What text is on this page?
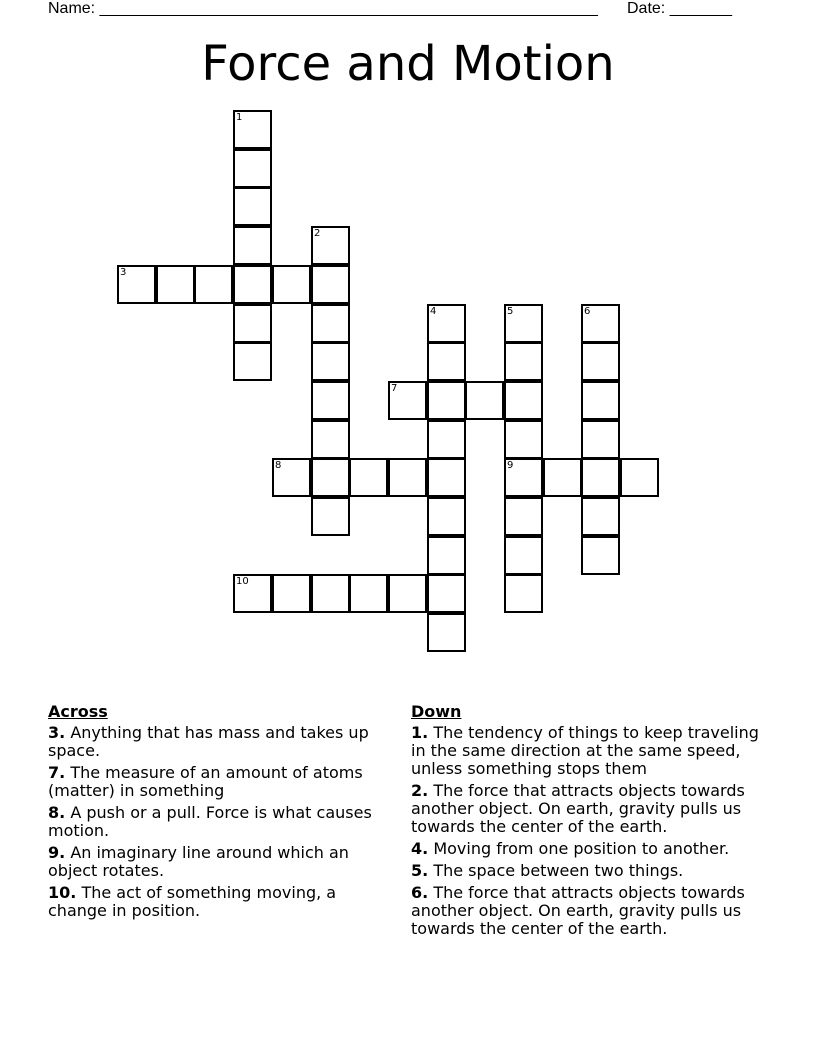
Name: ________________________________________________________ Date: _______
Force and Motion
1
2
3
4	5	6
7
8	9
10
Across
3. Anything that has mass and takes up space.
7. The measure of an amount of atoms (matter) in something
8. A push or a pull. Force is what causes motion.
9. An imaginary line around which an object rotates.
10. The act of something moving, a change in position.
Down
1. The tendency of things to keep traveling in the same direction at the same speed, unless something stops them
2. The force that attracts objects towards another object. On earth, gravity pulls us towards the center of the earth.
4. Moving from one position to another.
5. The space between two things.
6. The force that attracts objects towards another object. On earth, gravity pulls us towards the center of the earth.
